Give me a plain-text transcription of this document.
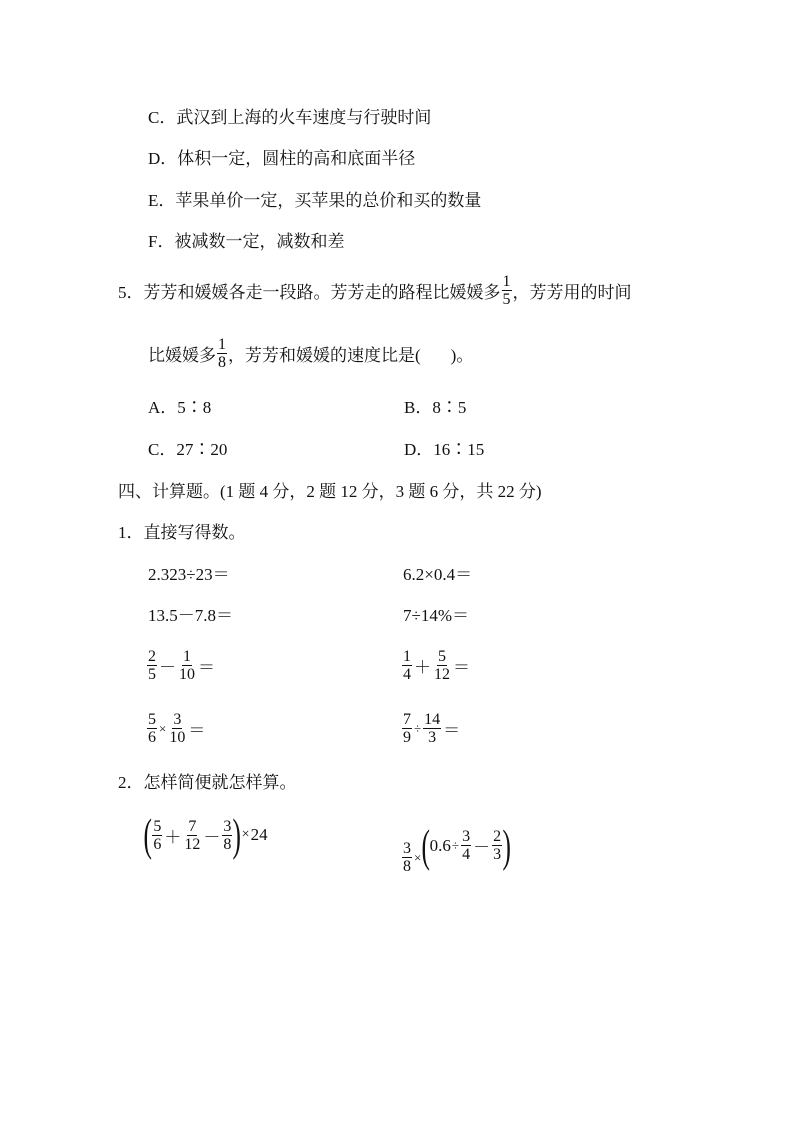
C．武汉到上海的火车速度与行驶时间
D．体积一定，圆柱的高和底面半径
E．苹果单价一定，买苹果的总价和买的数量
F．被减数一定，减数和差
5．芳芳和媛媛各走一段路。芳芳走的路程比媛媛多 $\frac{1}{5}$ ，芳芳用的时间
比媛媛多 $\frac{1}{8}$ ，芳芳和媛媛的速度比是( )。
A．5∶8	B．8∶5
C．27∶20	D．16∶15
四、计算题。(1 题 4 分，2 题 12 分，3 题 6 分，共 22 分)
1．直接写得数。
2.323÷23＝	6.2×0.4＝
13.5－7.8＝	7÷14%＝
$\frac{2}{5} - \frac{1}{10}$ ＝	$\frac{1}{4} + \frac{5}{12}$ ＝
$\frac{5}{6} \times \frac{3}{10}$ ＝	$\frac{7}{9} \div \frac{14}{3}$ ＝
2．怎样简便就怎样算。
( $\frac{5}{6} + \frac{7}{12} - \frac{3}{8}$ ) × 24
$\frac{3}{8}$ × ( $0.6 \div \frac{3}{4} - \frac{2}{3}$ )
